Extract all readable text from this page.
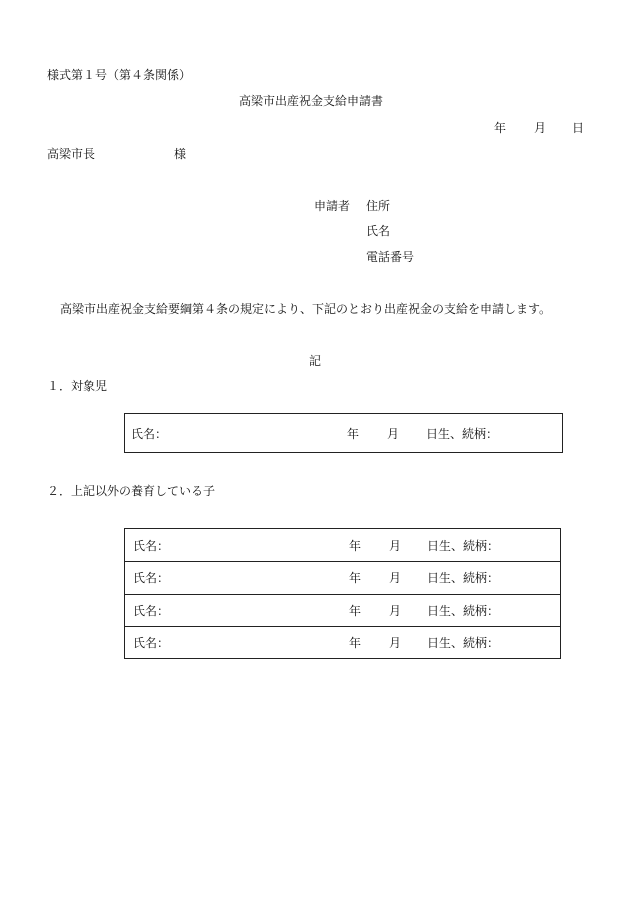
様式第１号（第４条関係）
高梁市出産祝金支給申請書
年 月 日
高梁市長	様
申請者 住所
氏名
電話番号
高梁市出産祝金支給要綱第４条の規定により、下記のとおり出産祝金の支給を申請します。
記
１．対象児
氏名：	年 月 日生、続柄：
２．上記以外の養育している子
氏名：	年 月 日生、続柄：
氏名：	年 月 日生、続柄：
氏名：	年 月 日生、続柄：
氏名：	年 月 日生、続柄：
